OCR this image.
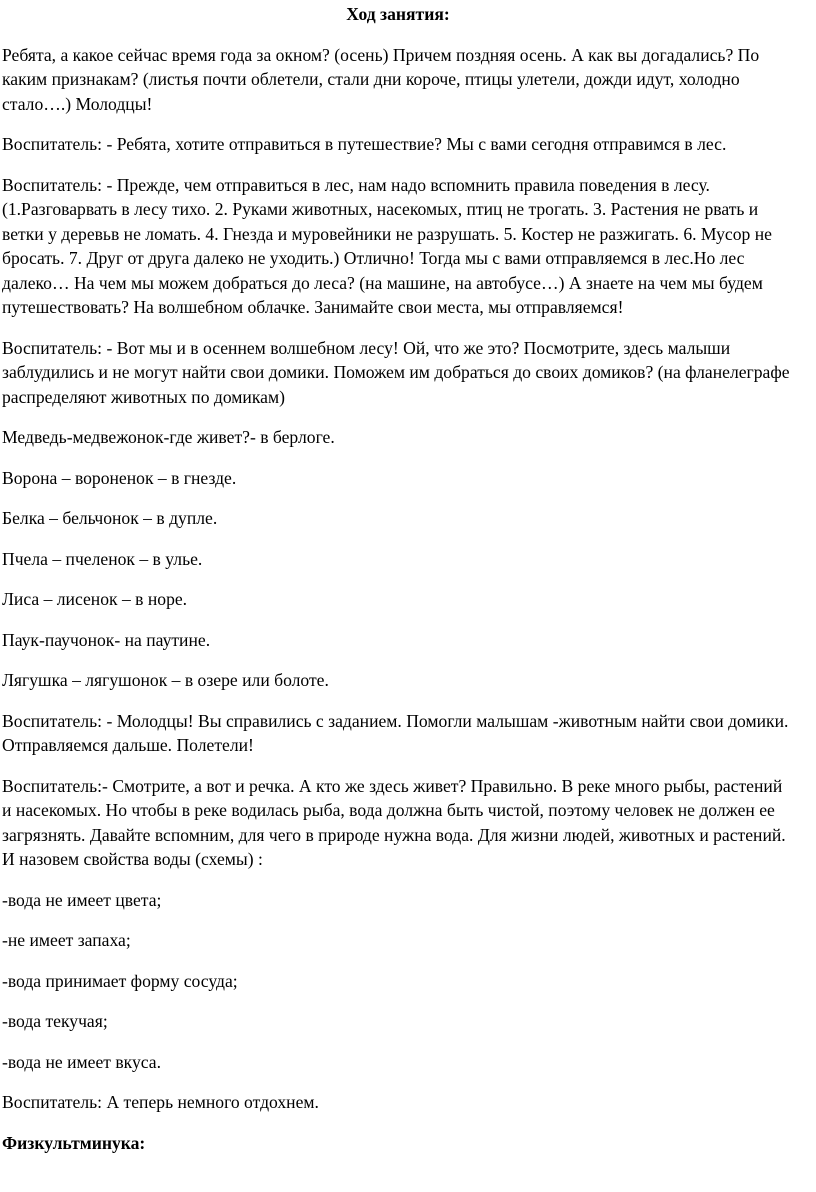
Ход занятия:

Ребята, а какое сейчас время года за окном? (осень) Причем поздняя осень. А как вы догадались? По каким признакам? (листья почти облетели, стали дни короче, птицы улетели, дожди идут, холодно стало….) Молодцы!

Воспитатель: - Ребята, хотите отправиться в путешествие? Мы с вами сегодня отправимся в лес.

Воспитатель: - Прежде, чем отправиться в лес, нам надо вспомнить правила поведения в лесу.(1.Разговарвать в лесу тихо. 2. Руками животных, насекомых, птиц не трогать. 3. Растения не рвать и ветки у деревьв не ломать. 4. Гнезда и муровейники не разрушать. 5. Костер не разжигать. 6. Мусор не бросать. 7. Друг от друга далеко не уходить.) Отлично! Тогда мы с вами отправляемся в лес.Но лес далеко… На чем мы можем добраться до леса? (на машине, на автобусе…) А знаете на чем мы будем путешествовать? На волшебном облачке. Занимайте свои места, мы отправляемся!

Воспитатель: - Вот мы и в осеннем волшебном лесу! Ой, что же это? Посмотрите, здесь малыши заблудились и не могут найти свои домики. Поможем им добраться до своих домиков? (на фланелеграфе распределяют животных по домикам)

Медведь-медвежонок-где живет?- в берлоге.

Ворона – вороненок – в гнезде.

Белка – бельчонок – в дупле.

Пчела – пчеленок – в улье.

Лиса – лисенок – в норе.

Паук-паучонок- на паутине.

Лягушка – лягушонок – в озере или болоте.

Воспитатель: - Молодцы! Вы справились с заданием. Помогли малышам -животным найти свои домики. Отправляемся дальше. Полетели!

Воспитатель:- Смотрите, а вот и речка. А кто же здесь живет? Правильно. В реке много рыбы, растений и насекомых. Но чтобы в реке водилась рыба, вода должна быть чистой, поэтому человек не должен ее загрязнять. Давайте вспомним, для чего в природе нужна вода. Для жизни людей, животных и растений. И назовем свойства воды (схемы) :

-вода не имеет цвета;

-не имеет запаха;

-вода принимает форму сосуда;

-вода текучая;

-вода не имеет вкуса.

Воспитатель: А теперь немного отдохнем.

Физкультминука:
